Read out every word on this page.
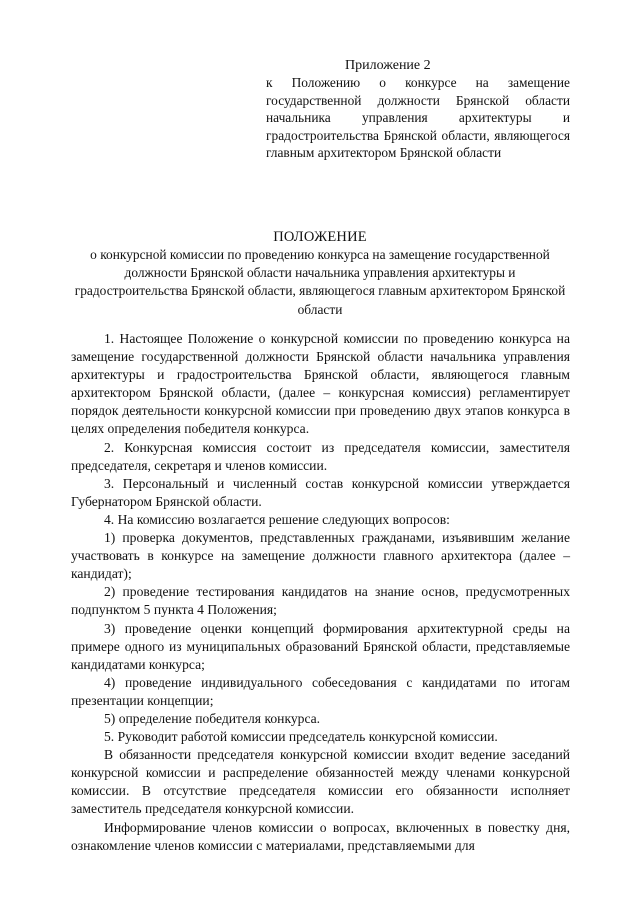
Приложение 2
к Положению о конкурсе на замещение государственной должности Брянской области начальника управления архитектуры и градостроительства Брянской области, являющегося главным архитектором Брянской области
ПОЛОЖЕНИЕ
о конкурсной комиссии по проведению конкурса на замещение государственной должности Брянской области начальника управления архитектуры и градостроительства Брянской области, являющегося главным архитектором Брянской области

1. Настоящее Положение о конкурсной комиссии по проведению конкурса на замещение государственной должности Брянской области начальника управления архитектуры и градостроительства Брянской области, являющегося главным архитектором Брянской области, (далее – конкурсная комиссия) регламентирует порядок деятельности конкурсной комиссии при проведению двух этапов конкурса в целях определения победителя конкурса.

2. Конкурсная комиссия состоит из председателя комиссии, заместителя председателя, секретаря и членов комиссии.

3. Персональный и численный состав конкурсной комиссии утверждается Губернатором Брянской области.

4. На комиссию возлагается решение следующих вопросов:

1) проверка документов, представленных гражданами, изъявившим желание участвовать в конкурсе на замещение должности главного архитектора (далее – кандидат);

2) проведение тестирования кандидатов на знание основ, предусмотренных подпунктом 5 пункта 4 Положения;

3) проведение оценки концепций формирования архитектурной среды на примере одного из муниципальных образований Брянской области, представляемые кандидатами конкурса;

4) проведение индивидуального собеседования с кандидатами по итогам презентации концепции;

5) определение победителя конкурса.

5. Руководит работой комиссии председатель конкурсной комиссии.

В обязанности председателя конкурсной комиссии входит ведение заседаний конкурсной комиссии и распределение обязанностей между членами конкурсной комиссии. В отсутствие председателя комиссии его обязанности исполняет заместитель председателя конкурсной комиссии.

Информирование членов комиссии о вопросах, включенных в повестку дня, ознакомление членов комиссии с материалами, представляемыми для
